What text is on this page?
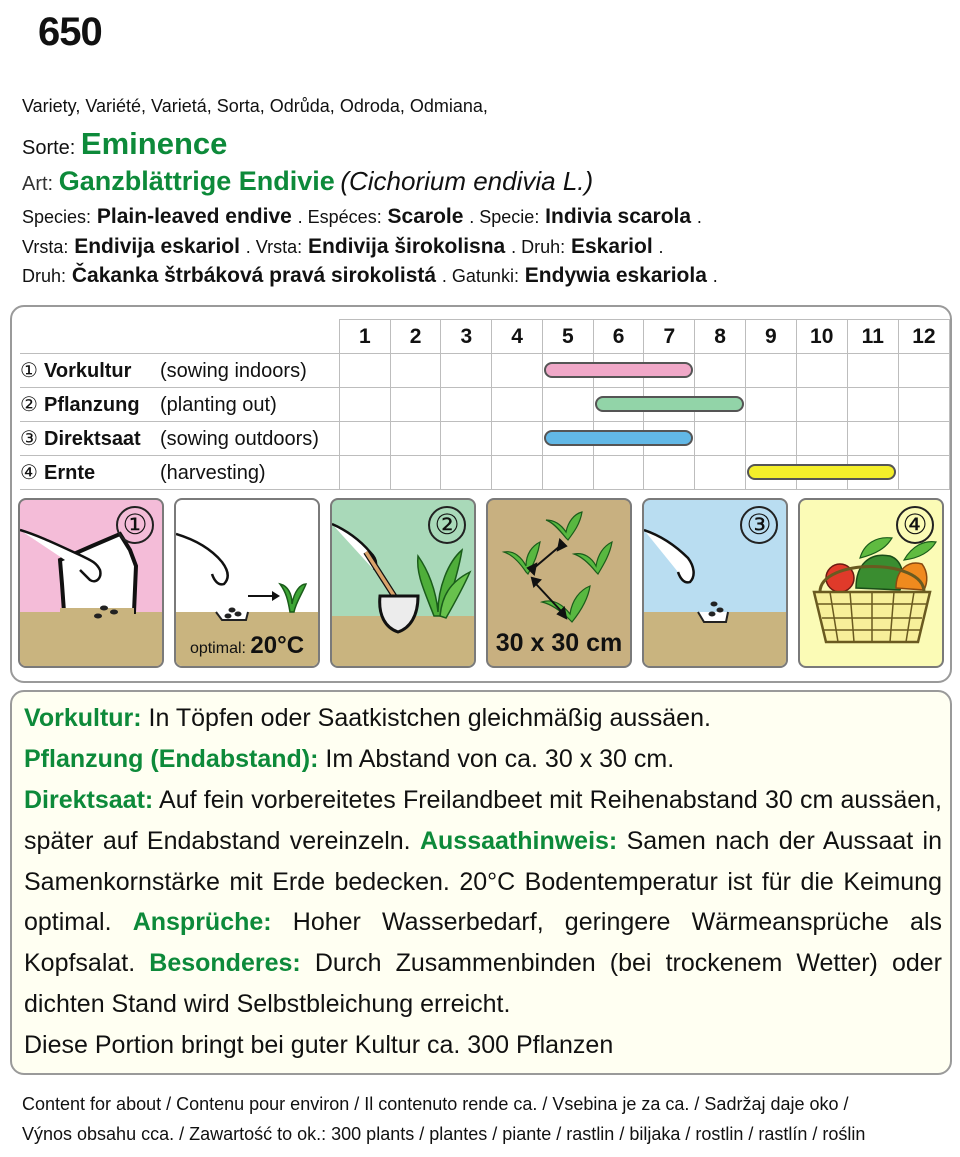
650
Variety, Variété, Varietá, Sorta, Odrůda, Odroda, Odmiana,
Sorte: Eminence
Art: Ganzblättrige Endivie (Cichorium endivia L.)
Species: Plain-leaved endive . Espéces: Scarole . Specie: Indivia scarola .
Vrsta: Endivija eskariol . Vrsta: Endivija širokolisna . Druh: Eskariol .
Druh: Čakanka štrbáková pravá sirokolistá . Gatunki: Endywia eskariola .
	1	2	3	4	5	6	7	8	9	10	11	12
① Vorkultur (sowing indoors)												
② Pflanzung (planting out)												
③ Direktsaat (sowing outdoors)												
④ Ernte (harvesting)												
①
optimal: 20°C
②
30 x 30 cm
③	④
Vorkultur: In Töpfen oder Saatkistchen gleichmäßig aussäen.
Pflanzung (Endabstand): Im Abstand von ca. 30 x 30 cm.
Direktsaat: Auf fein vorbereitetes Freilandbeet mit Reihenabstand 30 cm aussäen, später auf Endabstand vereinzeln. Aussaathinweis: Samen nach der Aussaat in Samenkornstärke mit Erde bedecken. 20°C Bodentemperatur ist für die Keimung optimal. Ansprüche: Hoher Wasserbedarf, geringere Wärmeansprüche als Kopfsalat. Besonderes: Durch Zusammenbinden (bei trockenem Wetter) oder dichten Stand wird Selbstbleichung erreicht.
Diese Portion bringt bei guter Kultur ca. 300 Pflanzen
Content for about / Contenu pour environ / Il contenuto rende ca. / Vsebina je za ca. / Sadržaj daje oko /
Výnos obsahu cca. / Zawartość to ok.: 300 plants / plantes / piante / rastlin / biljaka / rostlin / rastlín / roślin
